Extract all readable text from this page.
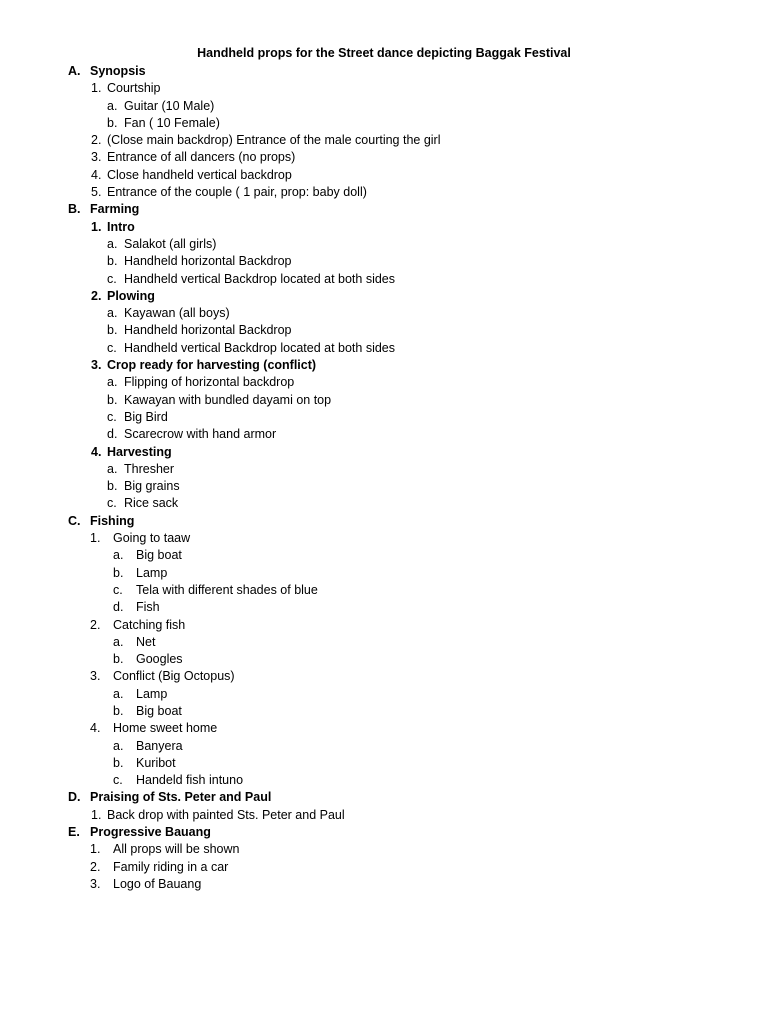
Handheld props for the Street dance depicting Baggak Festival
A. Synopsis
1. Courtship
a. Guitar (10 Male)
b. Fan ( 10 Female)
2. (Close main backdrop) Entrance of the male courting the girl
3. Entrance of all dancers (no props)
4. Close handheld vertical backdrop
5. Entrance of the couple ( 1 pair, prop: baby doll)
B. Farming
1. Intro
a. Salakot (all girls)
b. Handheld horizontal Backdrop
c. Handheld vertical Backdrop located at both sides
2. Plowing
a. Kayawan (all boys)
b. Handheld horizontal Backdrop
c. Handheld vertical Backdrop located at both sides
3. Crop ready for harvesting (conflict)
a. Flipping of horizontal backdrop
b. Kawayan with bundled dayami on top
c. Big Bird
d. Scarecrow with hand armor
4. Harvesting
a. Thresher
b. Big grains
c. Rice sack
C. Fishing
1. Going to taaw
a. Big boat
b. Lamp
c. Tela with different shades of blue
d. Fish
2. Catching fish
a. Net
b. Googles
3. Conflict (Big Octopus)
a. Lamp
b. Big boat
4. Home sweet home
a. Banyera
b. Kuribot
c. Handeld fish intuno
D. Praising of Sts. Peter and Paul
1. Back drop with painted Sts. Peter and Paul
E. Progressive Bauang
1. All props will be shown
2. Family riding in a car
3. Logo of Bauang
